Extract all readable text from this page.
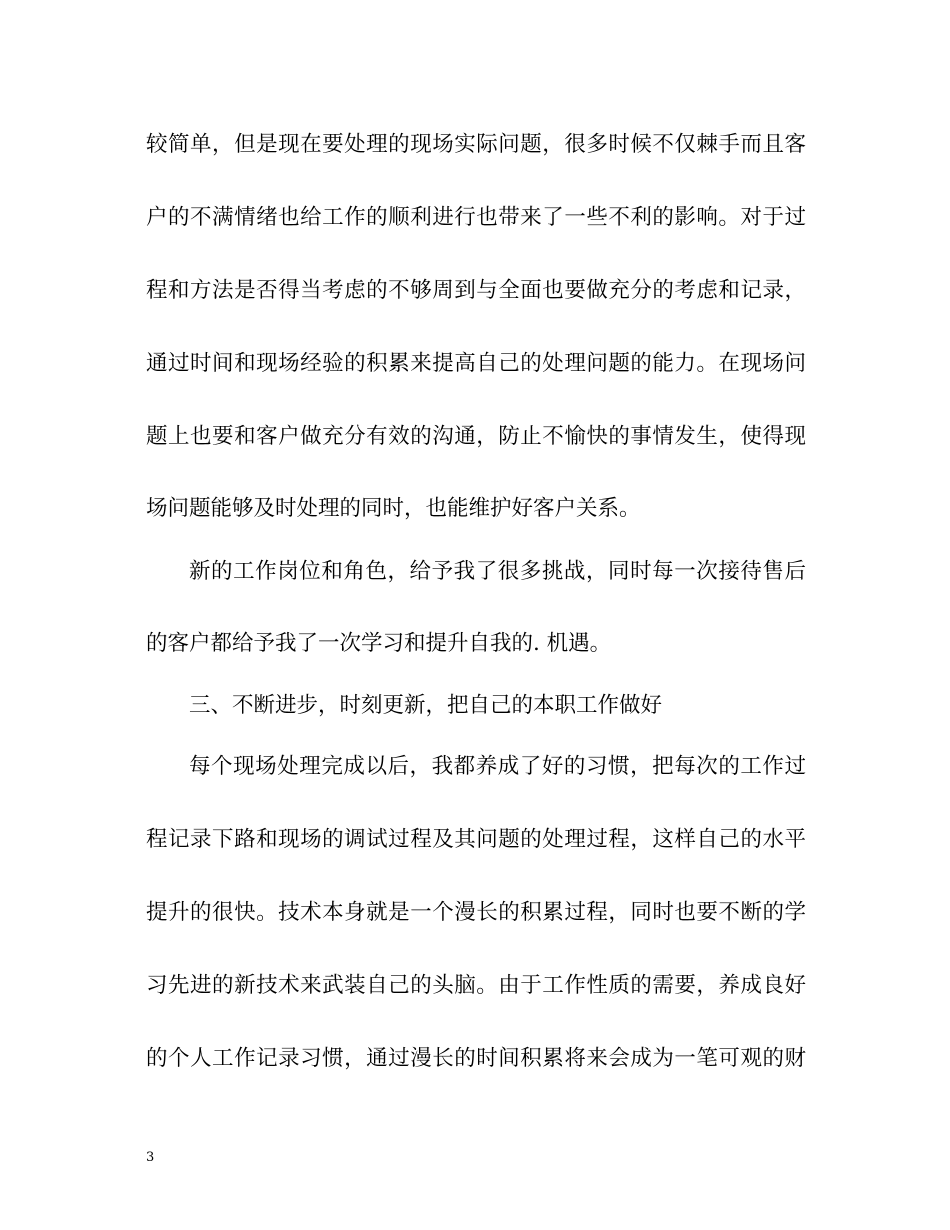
较简单，但是现在要处理的现场实际问题，很多时候不仅棘手而且客
户的不满情绪也给工作的顺利进行也带来了一些不利的影响。对于过
程和方法是否得当考虑的不够周到与全面也要做充分的考虑和记录，
通过时间和现场经验的积累来提高自己的处理问题的能力。在现场问
题上也要和客户做充分有效的沟通，防止不愉快的事情发生，使得现
场问题能够及时处理的同时，也能维护好客户关系。
新的工作岗位和角色，给予我了很多挑战，同时每一次接待售后
的客户都给予我了一次学习和提升自我的. 机遇。
三、不断进步，时刻更新，把自己的本职工作做好
每个现场处理完成以后，我都养成了好的习惯，把每次的工作过
程记录下路和现场的调试过程及其问题的处理过程，这样自己的水平
提升的很快。技术本身就是一个漫长的积累过程，同时也要不断的学
习先进的新技术来武装自己的头脑。由于工作性质的需要，养成良好
的个人工作记录习惯，通过漫长的时间积累将来会成为一笔可观的财
3
